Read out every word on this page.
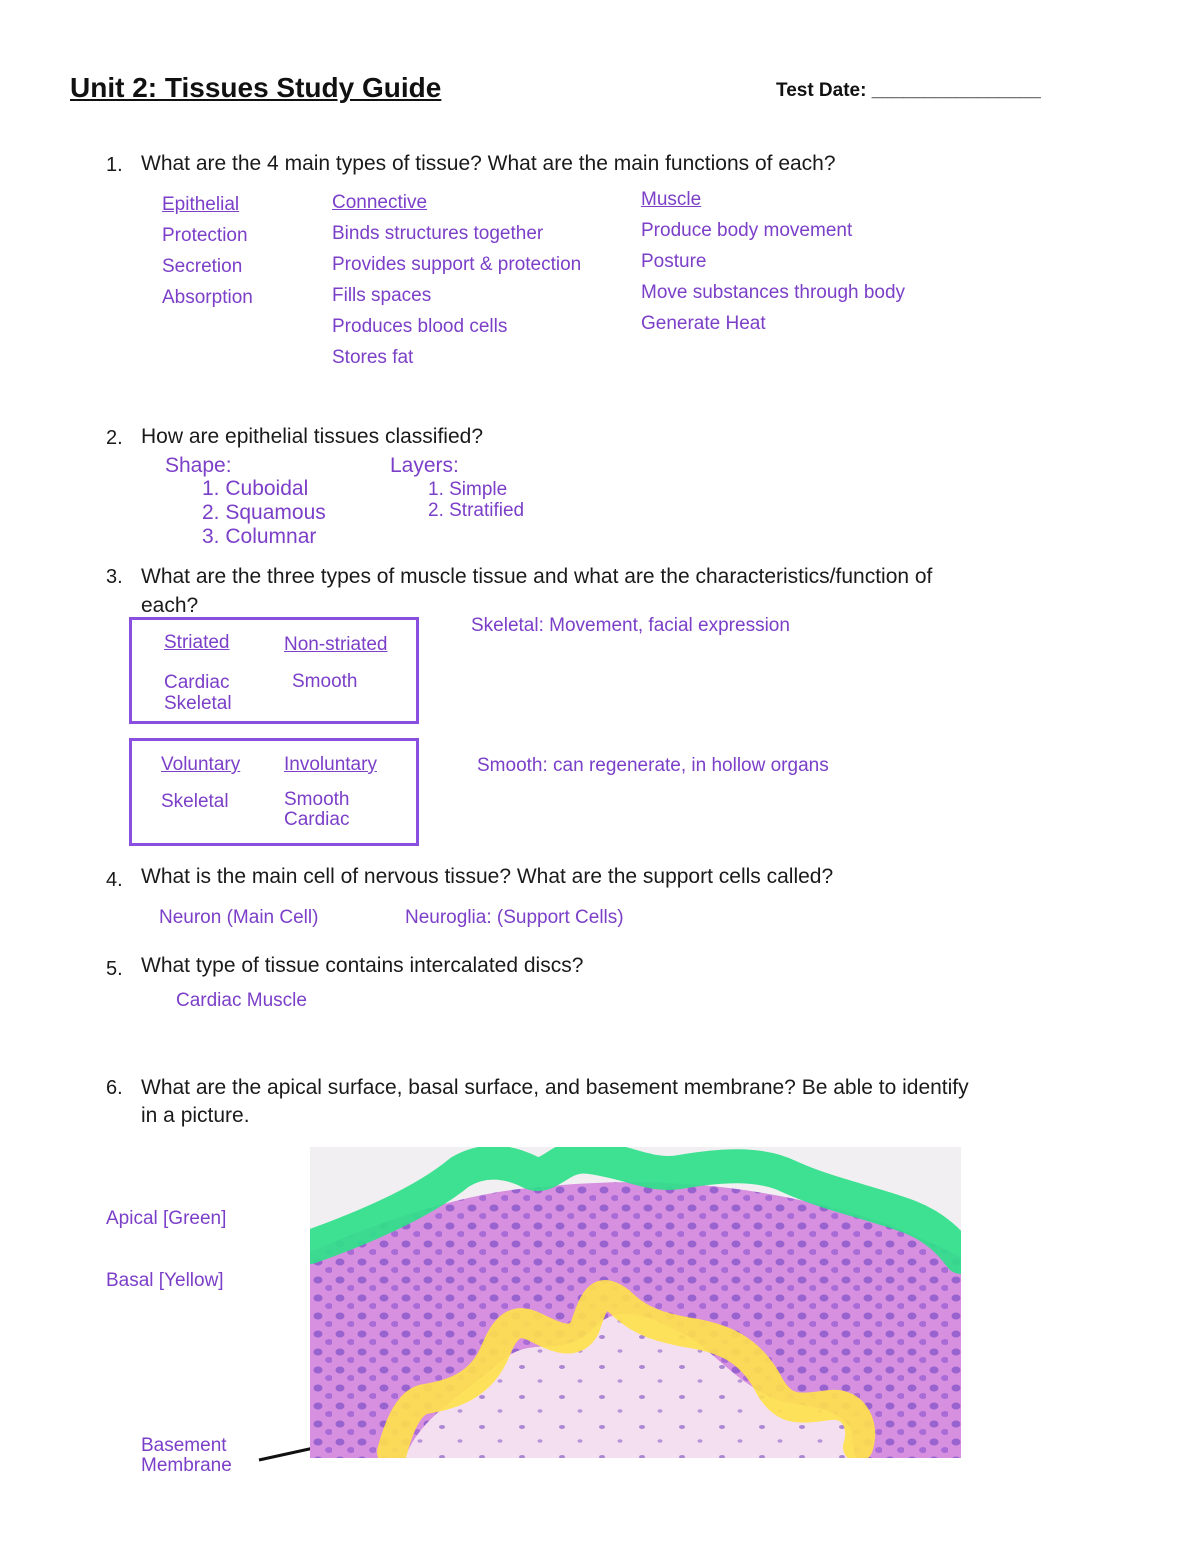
Unit 2: Tissues Study Guide	Test Date: ________________
1. What are the 4 main types of tissue? What are the main functions of each?
Epithelial
Protection
Secretion
Absorption
Connective
Binds structures together
Provides support & protection
Fills spaces
Produces blood cells
Stores fat
Muscle
Produce body movement
Posture
Move substances through body
Generate Heat
2. How are epithelial tissues classified?
Shape:
1. Cuboidal
2. Squamous
3. Columnar
Layers:
1. Simple
2. Stratified
3. What are the three types of muscle tissue and what are the characteristics/function of
each?
Striated
Cardiac
Skeletal
Non-striated
Smooth
Voluntary
Skeletal
Involuntary
Smooth
Cardiac
Skeletal: Movement, facial expression
Smooth: can regenerate, in hollow organs
4. What is the main cell of nervous tissue? What are the support cells called?
Neuron (Main Cell)	Neuroglia: (Support Cells)
5. What type of tissue contains intercalated discs?
Cardiac Muscle
6. What are the apical surface, basal surface, and basement membrane? Be able to identify
in a picture.
Apical [Green]
Basal [Yellow]
Basement
Membrane
